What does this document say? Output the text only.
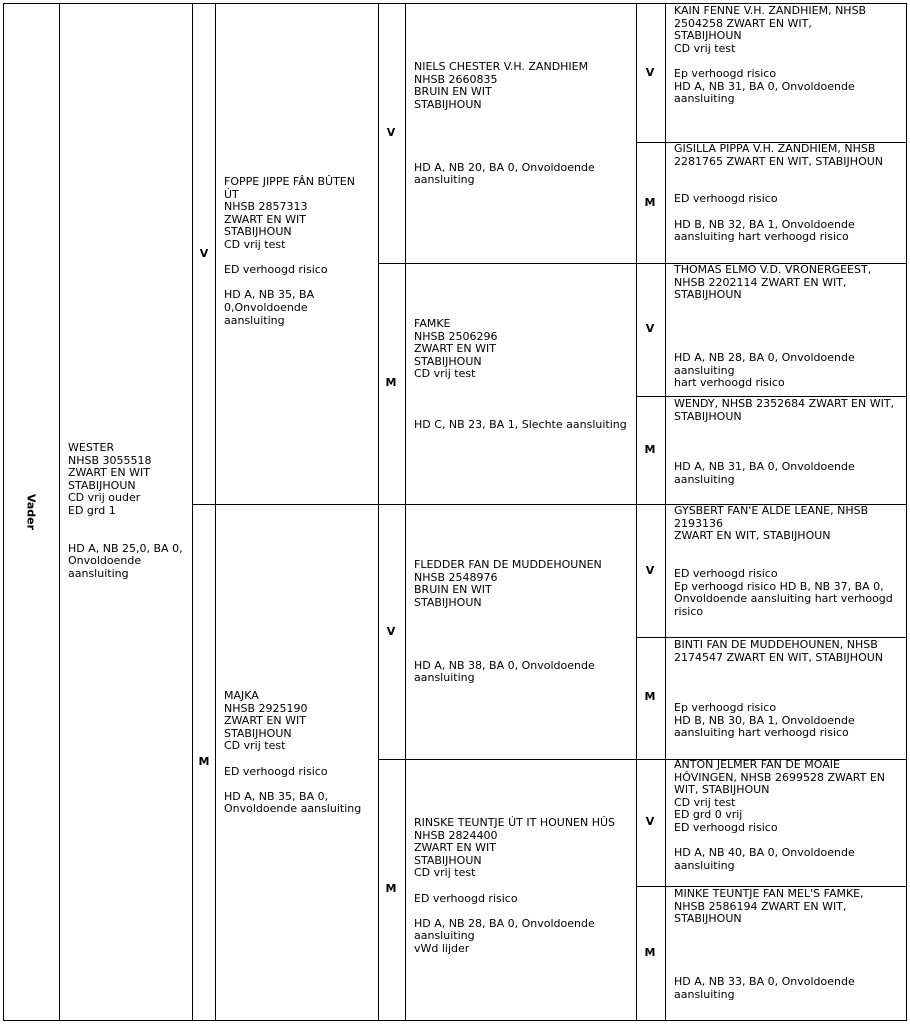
Vader
WESTER
NHSB 3055518
ZWART EN WIT
STABIJHOUN
CD vrij ouder
ED grd 1

HD A, NB 25,0, BA 0,
Onvoldoende
aansluiting
V
FOPPE JIPPE FÂN BÛTEN
ÚT
NHSB 2857313
ZWART EN WIT
STABIJHOUN
CD vrij test

ED verhoogd risico

HD A, NB 35, BA
0,Onvoldoende
aansluiting
M
MAJKA
NHSB 2925190
ZWART EN WIT
STABIJHOUN
CD vrij test

ED verhoogd risico

HD A, NB 35, BA 0,
Onvoldoende aansluiting
V
NIELS CHESTER V.H. ZANDHIEM
NHSB 2660835
BRUIN EN WIT
STABIJHOUN

HD A, NB 20, BA 0, Onvoldoende
aansluiting
M
FAMKE
NHSB 2506296
ZWART EN WIT
STABIJHOUN
CD vrij test

HD C, NB 23, BA 1, Slechte aansluiting
V
FLEDDER FAN DE MUDDEHOUNEN
NHSB 2548976
BRUIN EN WIT
STABIJHOUN

HD A, NB 38, BA 0, Onvoldoende
aansluiting
M
RINSKE TEUNTJE ÚT IT HOUNEN HÛS
NHSB 2824400
ZWART EN WIT
STABIJHOUN
CD vrij test

ED verhoogd risico

HD A, NB 28, BA 0, Onvoldoende
aansluiting
vWd lijder
V
KAIN FENNE V.H. ZANDHIEM, NHSB
2504258 ZWART EN WIT,
STABIJHOUN
CD vrij test

Ep verhoogd risico
HD A, NB 31, BA 0, Onvoldoende
aansluiting
M
GISILLA PIPPA V.H. ZANDHIEM, NHSB
2281765 ZWART EN WIT, STABIJHOUN

ED verhoogd risico

HD B, NB 32, BA 1, Onvoldoende
aansluiting hart verhoogd risico
V
THOMAS ELMO V.D. VRONERGEEST,
NHSB 2202114 ZWART EN WIT,
STABIJHOUN

HD A, NB 28, BA 0, Onvoldoende
aansluiting
hart verhoogd risico
M
WENDY, NHSB 2352684 ZWART EN WIT,
STABIJHOUN

HD A, NB 31, BA 0, Onvoldoende
aansluiting
V
GYSBERT FAN'E ÂLDE LEANE, NHSB
2193136
ZWART EN WIT, STABIJHOUN

ED verhoogd risico
Ep verhoogd risico HD B, NB 37, BA 0,
Onvoldoende aansluiting hart verhoogd
risico
M
BINTI FAN DE MUDDEHOUNEN, NHSB
2174547 ZWART EN WIT, STABIJHOUN

Ep verhoogd risico
HD B, NB 30, BA 1, Onvoldoende
aansluiting hart verhoogd risico
V
ANTON JELMER FAN DE MOAIE
HÔVINGEN, NHSB 2699528 ZWART EN
WIT, STABIJHOUN
CD vrij test
ED grd 0 vrij
ED verhoogd risico

HD A, NB 40, BA 0, Onvoldoende
aansluiting
M
MINKE TEUNTJE FAN MEL'S FAMKE,
NHSB 2586194 ZWART EN WIT,
STABIJHOUN

HD A, NB 33, BA 0, Onvoldoende
aansluiting
